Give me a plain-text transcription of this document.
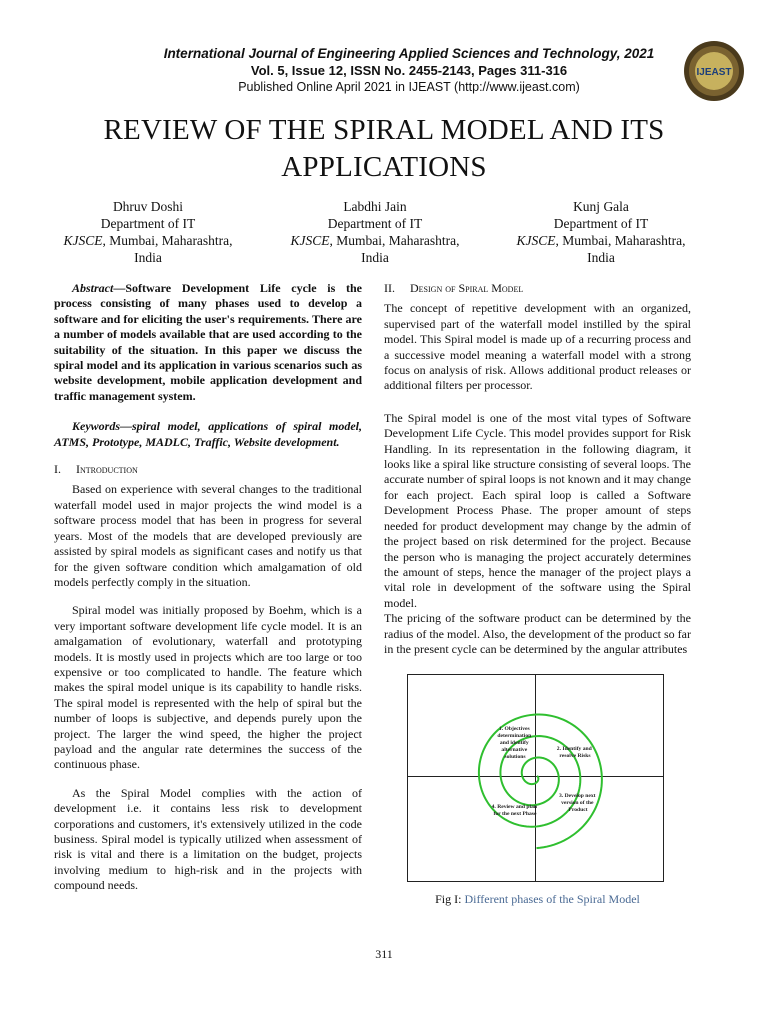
International Journal of Engineering Applied Sciences and Technology, 2021
Vol. 5, Issue 12, ISSN No. 2455-2143, Pages 311-316
Published Online April 2021 in IJEAST (http://www.ijeast.com)
IJEAST
REVIEW OF THE SPIRAL MODEL AND ITS
APPLICATIONS
Dhruv Doshi
Department of IT
KJSCE, Mumbai, Maharashtra,
India
Labdhi Jain
Department of IT
KJSCE, Mumbai, Maharashtra,
India
Kunj Gala
Department of IT
KJSCE, Mumbai, Maharashtra,
India

Abstract—Software Development Life cycle is the process consisting of many phases used to develop a software and for eliciting the user's requirements. There are a number of models available that are used according to the suitability of the situation. In this paper we discuss the spiral model and its application in various scenarios such as website development, mobile application development and traffic management system.

Keywords—spiral model, applications of spiral model, ATMS, Prototype, MADLC, Traffic, Website development.

I. Introduction

Based on experience with several changes to the traditional waterfall model used in major projects the wind model is a software process model that has been in progress for several years. Most of the models that are developed previously are assisted by spiral models as significant cases and notify us that for the given software condition which amalgamation of old models perfectly comply in the situation.

Spiral model was initially proposed by Boehm, which is a very important software development life cycle model. It is an amalgamation of evolutionary, waterfall and prototyping models. It is mostly used in projects which are too large or too expensive or too complicated to handle. The feature which makes the spiral model unique is its capability to handle risks. The spiral model is represented with the help of spiral but the number of loops is subjective, and depends purely upon the project. The larger the wind speed, the higher the project payload and the angular rate determines the success of the continuous phase.

As the Spiral Model complies with the action of development i.e. it contains less risk to development corporations and customers, it's extensively utilized in the code business. Spiral model is typically utilized when assessment of risk is vital and there is a limitation on the budget, projects involving medium to high-risk and in the projects with compound needs.

II. Design of Spiral Model

The concept of repetitive development with an organized, supervised part of the waterfall model instilled by the spiral model. This Spiral model is made up of a recurring process and a successive model meaning a waterfall model with a strong focus on analysis of risk. Allows additional product releases or additional filters per processor.

The Spiral model is one of the most vital types of Software Development Life Cycle. This model provides support for Risk Handling. In its representation in the following diagram, it looks like a spiral like structure consisting of several loops. The accurate number of spiral loops is not known and it may change for each project. Each spiral loop is called a Software Development Process Phase. The proper amount of steps needed for product development may change by the admin of the project based on risk determined for the project. Because the person who is managing the project accurately determines the amount of steps, hence the manager of the project plays a vital role in development of the software using the Spiral model.

The pricing of the software product can be determined by the radius of the model. Also, the development of the product so far in the present cycle can be determined by the angular attributes

1. Objectives determination and identify alternative solutions
2. Identify and resolve Risks
3. Develop next version of the Product
4. Review and plan for the next Phase
Fig I: Different phases of the Spiral Model
311
